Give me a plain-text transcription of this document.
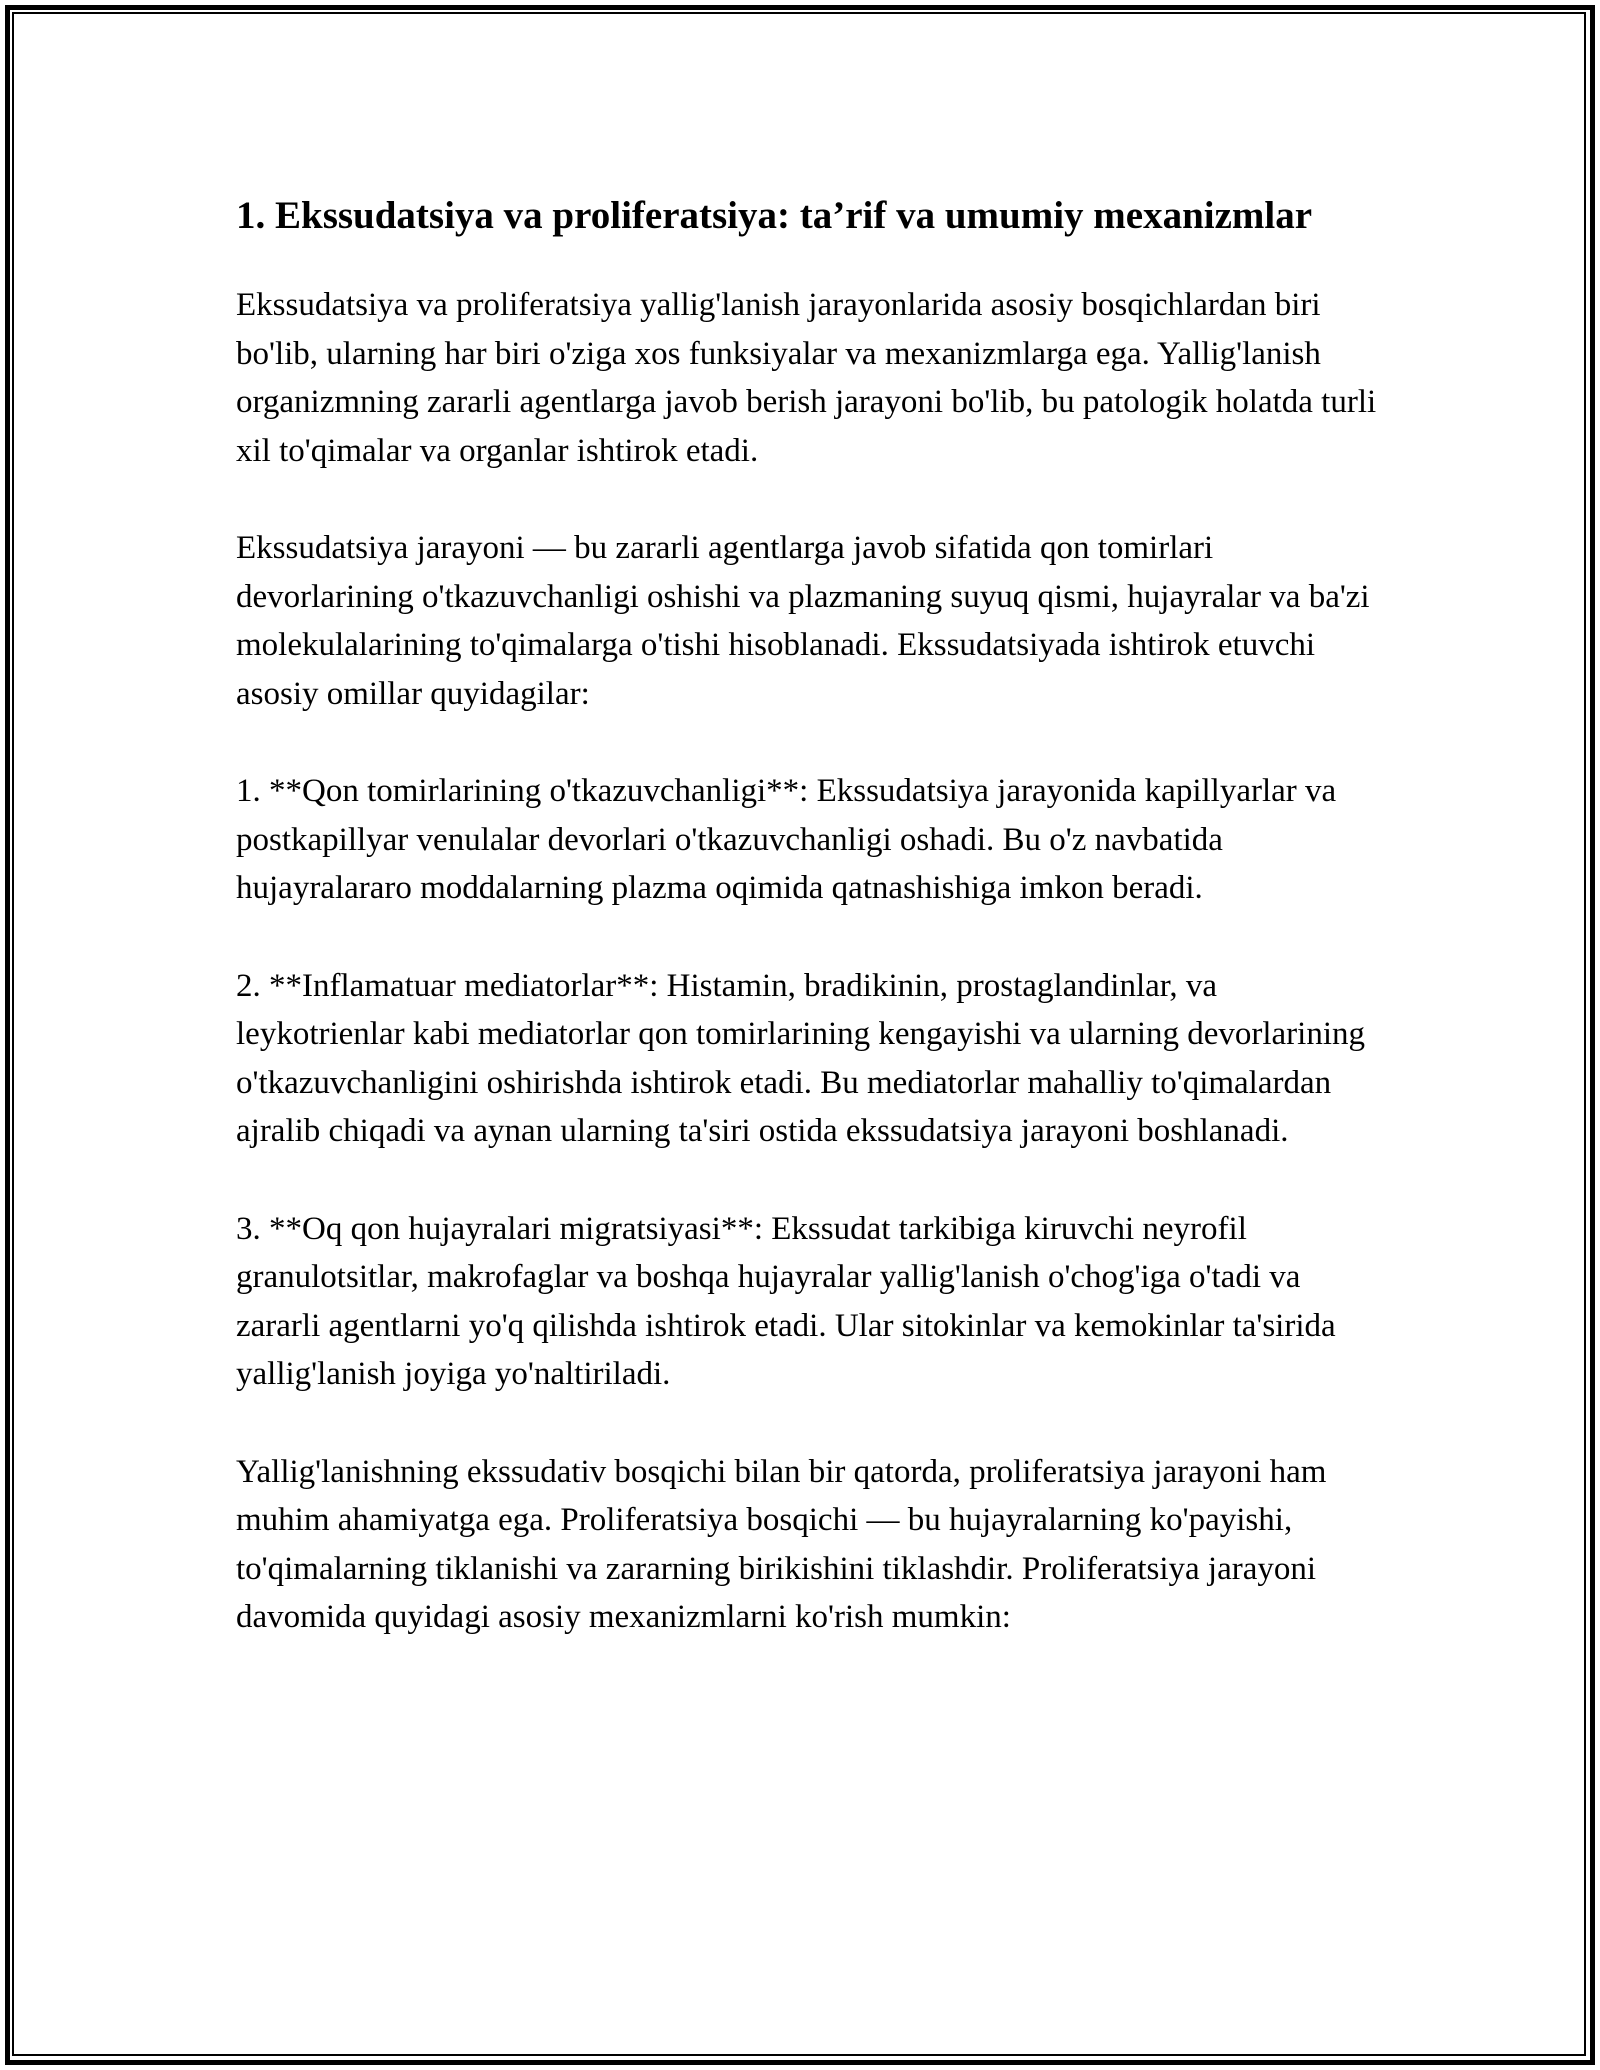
1. Ekssudatsiya va proliferatsiya: ta’rif va umumiy mexanizmlar

Ekssudatsiya va proliferatsiya yallig'lanish jarayonlarida asosiy bosqichlardan biri bo'lib, ularning har biri o'ziga xos funksiyalar va mexanizmlarga ega. Yallig'lanish organizmning zararli agentlarga javob berish jarayoni bo'lib, bu patologik holatda turli xil to'qimalar va organlar ishtirok etadi.

Ekssudatsiya jarayoni — bu zararli agentlarga javob sifatida qon tomirlari devorlarining o'tkazuvchanligi oshishi va plazmaning suyuq qismi, hujayralar va ba'zi molekulalarining to'qimalarga o'tishi hisoblanadi. Ekssudatsiyada ishtirok etuvchi asosiy omillar quyidagilar:

1. **Qon tomirlarining o'tkazuvchanligi**: Ekssudatsiya jarayonida kapillyarlar va postkapillyar venulalar devorlari o'tkazuvchanligi oshadi. Bu o'z navbatida hujayralararo moddalarning plazma oqimida qatnashishiga imkon beradi.

2. **Inflamatuar mediatorlar**: Histamin, bradikinin, prostaglandinlar, va leykotrienlar kabi mediatorlar qon tomirlarining kengayishi va ularning devorlarining o'tkazuvchanligini oshirishda ishtirok etadi. Bu mediatorlar mahalliy to'qimalardan ajralib chiqadi va aynan ularning ta'siri ostida ekssudatsiya jarayoni boshlanadi.

3. **Oq qon hujayralari migratsiyasi**: Ekssudat tarkibiga kiruvchi neyrofil granulotsitlar, makrofaglar va boshqa hujayralar yallig'lanish o'chog'iga o'tadi va zararli agentlarni yo'q qilishda ishtirok etadi. Ular sitokinlar va kemokinlar ta'sirida yallig'lanish joyiga yo'naltiriladi.

Yallig'lanishning ekssudativ bosqichi bilan bir qatorda, proliferatsiya jarayoni ham muhim ahamiyatga ega. Proliferatsiya bosqichi — bu hujayralarning ko'payishi, to'qimalarning tiklanishi va zararning birikishini tiklashdir. Proliferatsiya jarayoni davomida quyidagi asosiy mexanizmlarni ko'rish mumkin:
